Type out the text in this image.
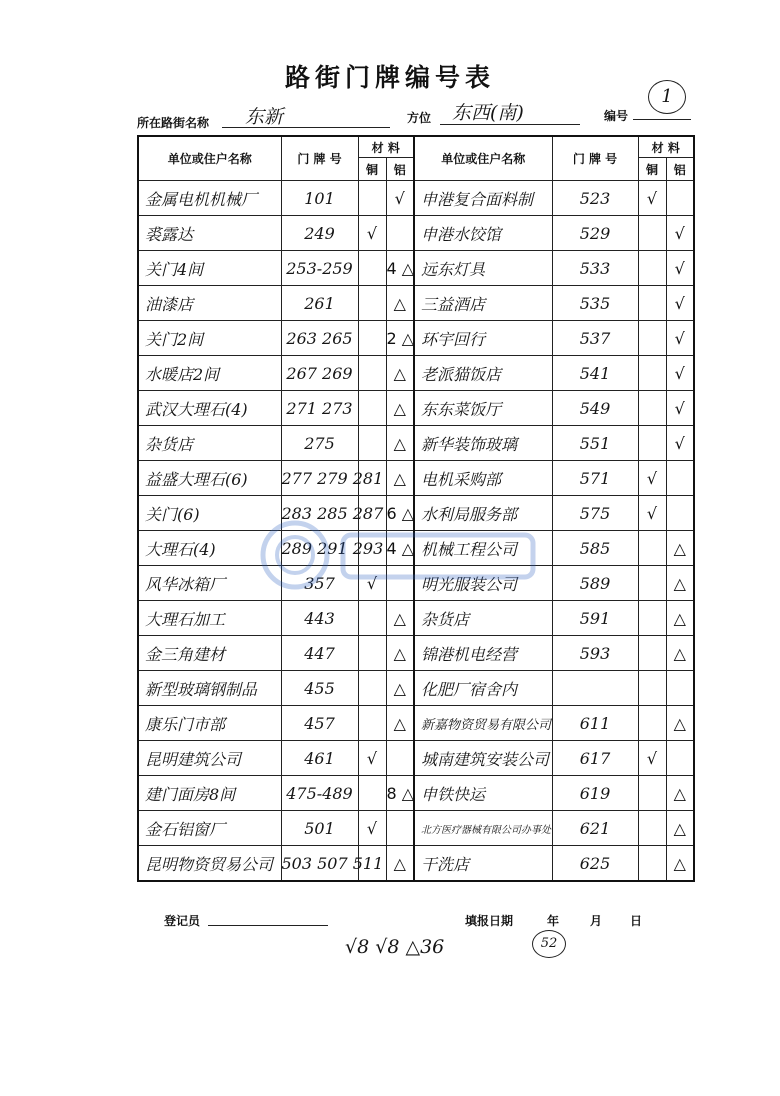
路街门牌编号表
1
所在路街名称 东新	方位 东西(南)	编号
单位或住户名称	门 牌 号	材 料		单位或住户名称	门 牌 号	材 料	
		铜	铝			铜	铝
金属电机机械厂	101		√	申港复合面料制	523	√	
裘露达	249	√		申港水饺馆	529		√
关门4间	253-259		4 △	远东灯具	533		√
油漆店	261		△	三益酒店	535		√
关门2间	263 265		2 △	环宇回行	537		√
水暖店2间	267 269		△	老派猫饭店	541		√
武汉大理石(4)	271 273		△	东东菜饭厅	549		√
杂货店	275		△	新华装饰玻璃	551		√
益盛大理石(6)	277 279 281		△	电机采购部	571	√	
关门(6)	283 285 287		6 △	水利局服务部	575	√	
大理石(4)	289 291 293		4 △	机械工程公司	585		△
风华冰箱厂	357	√		明光服装公司	589		△
大理石加工	443		△	杂货店	591		△
金三角建材	447		△	锦港机电经营	593		△
新型玻璃钢制品	455		△	化肥厂宿舍内			
康乐门市部	457		△	新嘉物资贸易有限公司	611		△
昆明建筑公司	461	√		城南建筑安装公司	617	√	
建门面房8间	475-489		8 △	申铁快运	619		△
金石铝窗厂	501	√		北方医疗器械有限公司办事处	621		△
昆明物资贸易公司	503 507 511		△	干洗店	625		△
登记员	填报日期	年	月 日
√8 √8 △36	52
